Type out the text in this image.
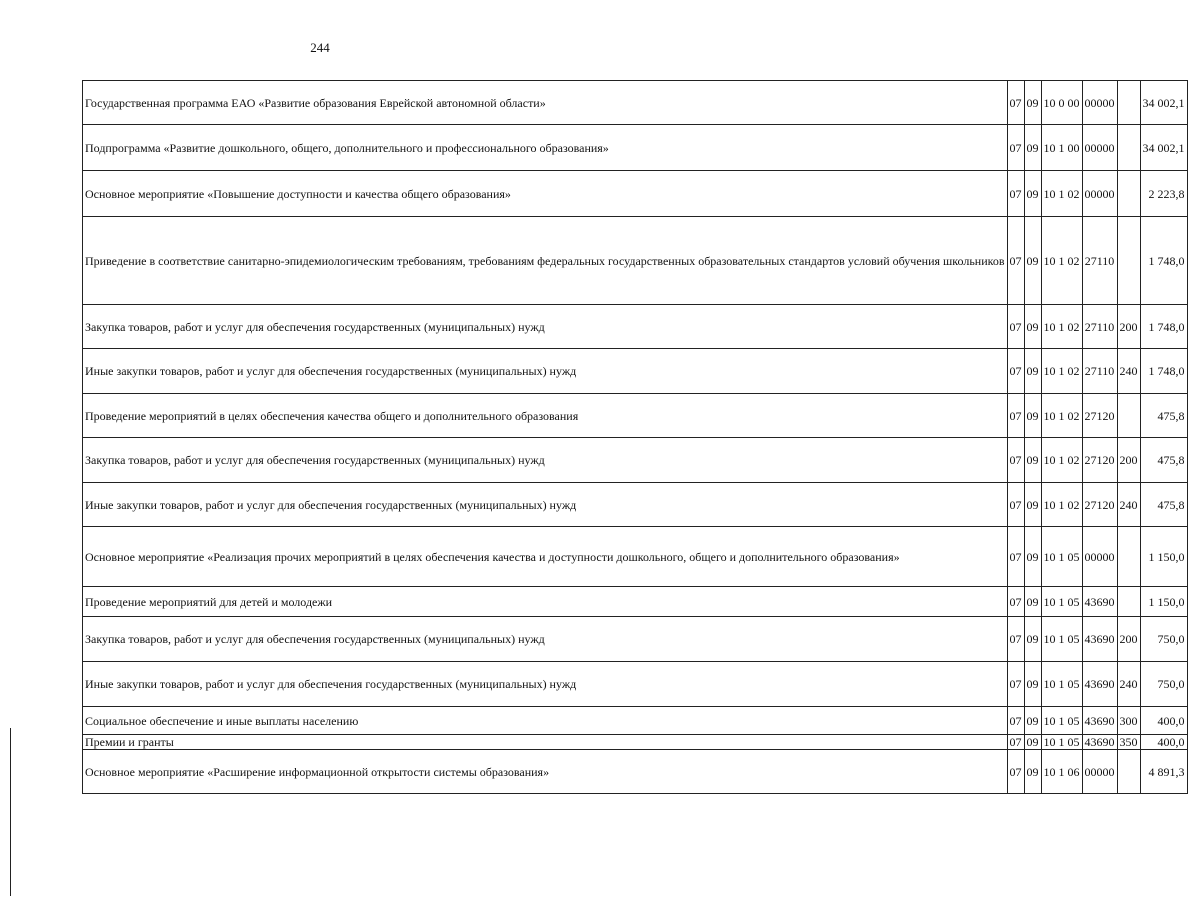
244
Государственная программа ЕАО «Развитие образования Еврейской автономной области»	07	09	10 0 00	00000		34 002,1
Подпрограмма «Развитие дошкольного, общего, дополнительного и профессионального образования»	07	09	10 1 00	00000		34 002,1
Основное мероприятие «Повышение доступности и качества общего образования»	07	09	10 1 02	00000		2 223,8
Приведение в соответствие санитарно-эпидемиологическим требованиям, требованиям федеральных государственных образовательных стандартов условий обучения школьников	07	09	10 1 02	27110		1 748,0
Закупка товаров, работ и услуг для обеспечения государственных (муниципальных) нужд	07	09	10 1 02	27110	200	1 748,0
Иные закупки товаров, работ и услуг для обеспечения государственных (муниципальных) нужд	07	09	10 1 02	27110	240	1 748,0
Проведение мероприятий в целях обеспечения качества общего и дополнительного образования	07	09	10 1 02	27120		475,8
Закупка товаров, работ и услуг для обеспечения государственных (муниципальных) нужд	07	09	10 1 02	27120	200	475,8
Иные закупки товаров, работ и услуг для обеспечения государственных (муниципальных) нужд	07	09	10 1 02	27120	240	475,8
Основное мероприятие «Реализация прочих мероприятий в целях обеспечения качества и доступности дошкольного, общего и дополнительного образования»	07	09	10 1 05	00000		1 150,0
Проведение мероприятий для детей и молодежи	07	09	10 1 05	43690		1 150,0
Закупка товаров, работ и услуг для обеспечения государственных (муниципальных) нужд	07	09	10 1 05	43690	200	750,0
Иные закупки товаров, работ и услуг для обеспечения государственных (муниципальных) нужд	07	09	10 1 05	43690	240	750,0
Социальное обеспечение и иные выплаты населению	07	09	10 1 05	43690	300	400,0
Премии и гранты	07	09	10 1 05	43690	350	400,0
Основное мероприятие «Расширение информационной открытости системы образования»	07	09	10 1 06	00000		4 891,3
